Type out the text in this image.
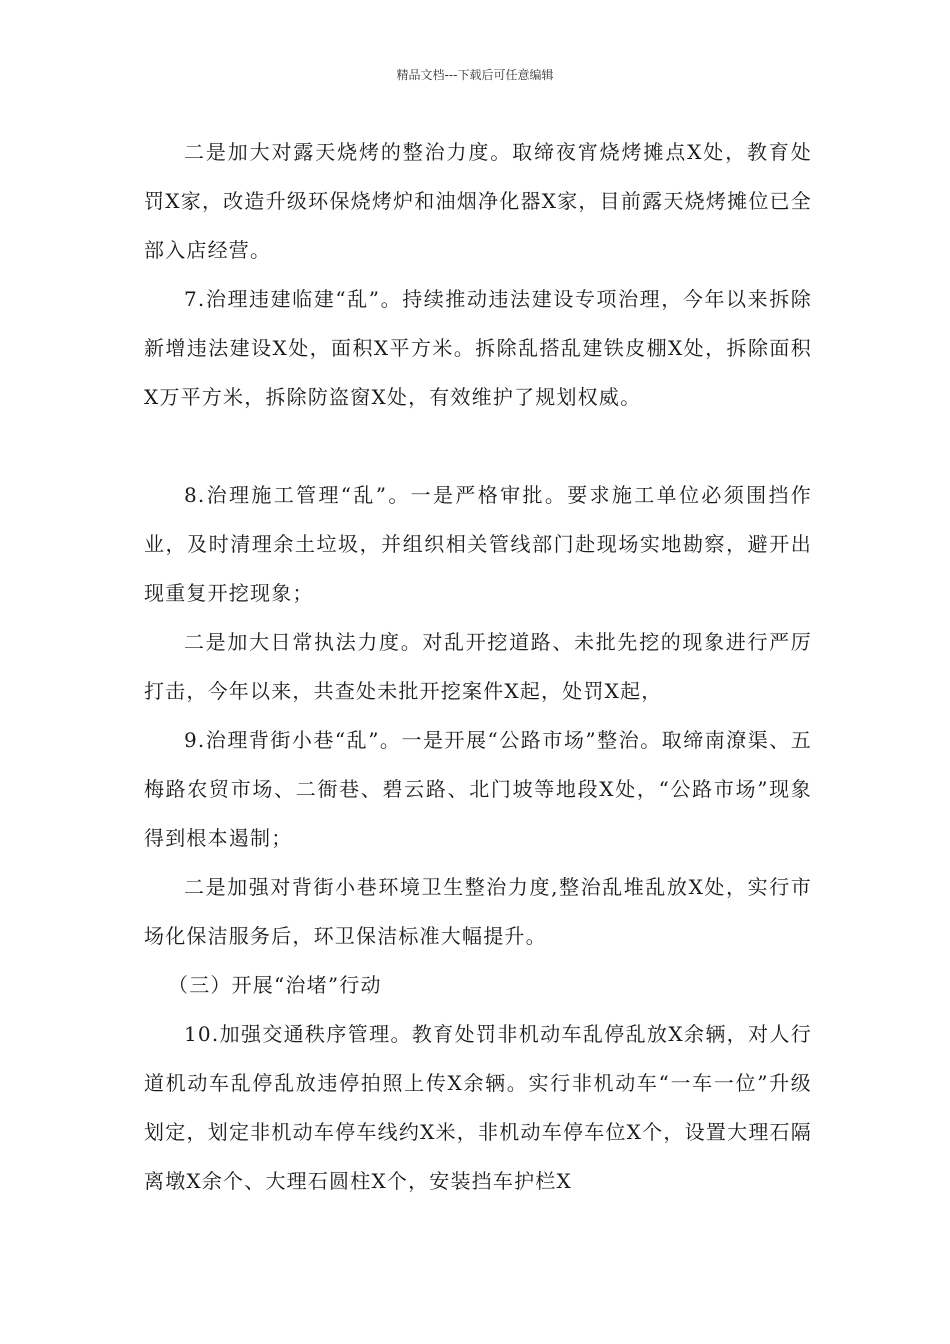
精品文档---下载后可任意编辑

二是加大对露天烧烤的整治力度。取缔夜宵烧烤摊点X处，教育处罚X家，改造升级环保烧烤炉和油烟净化器X家，目前露天烧烤摊位已全部入店经营。

7.治理违建临建“乱”。持续推动违法建设专项治理，今年以来拆除新增违法建设X处，面积X平方米。拆除乱搭乱建铁皮棚X处，拆除面积X万平方米，拆除防盗窗X处，有效维护了规划权威。

8.治理施工管理“乱”。一是严格审批。要求施工单位必须围挡作业，及时清理余土垃圾，并组织相关管线部门赴现场实地勘察，避开出现重复开挖现象；

二是加大日常执法力度。对乱开挖道路、未批先挖的现象进行严厉打击，今年以来，共查处未批开挖案件X起，处罚X起，

9.治理背街小巷“乱”。一是开展“公路市场”整治。取缔南潦渠、五梅路农贸市场、二衙巷、碧云路、北门坡等地段X处，“公路市场”现象得到根本遏制；

二是加强对背街小巷环境卫生整治力度,整治乱堆乱放X处，实行市场化保洁服务后，环卫保洁标准大幅提升。

（三）开展“治堵”行动

10.加强交通秩序管理。教育处罚非机动车乱停乱放X余辆，对人行道机动车乱停乱放违停拍照上传X余辆。实行非机动车“一车一位”升级划定，划定非机动车停车线约X米，非机动车停车位X个，设置大理石隔离墩X余个、大理石圆柱X个，安装挡车护栏X
